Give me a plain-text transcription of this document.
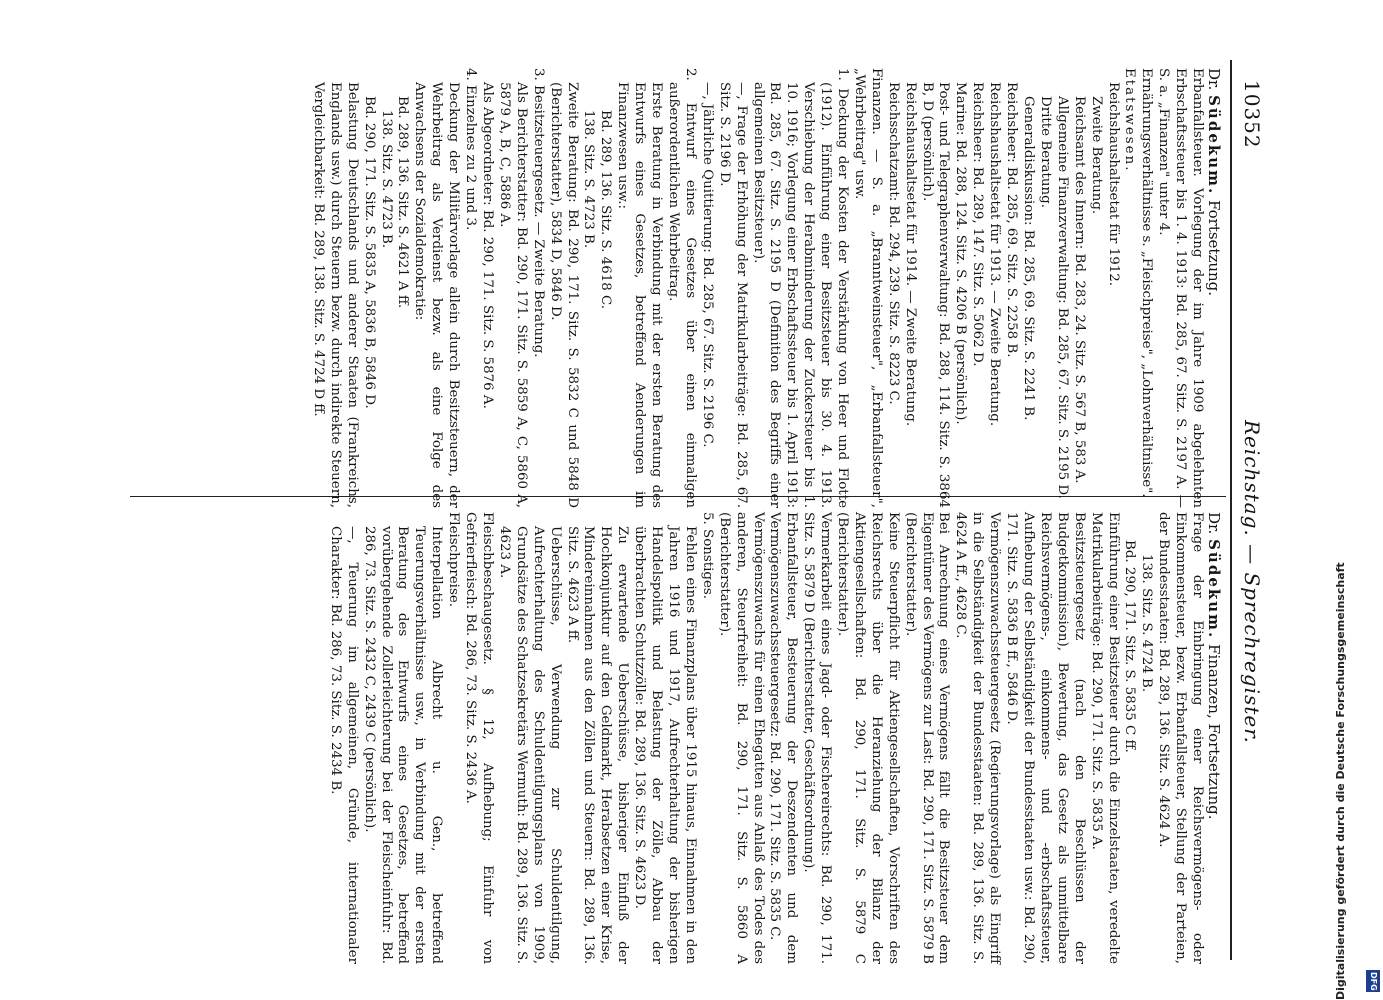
10352
Reichstag. — Sprechregister.

Dr. Südekum. Fortsetzung.

Erbanfallsteuer. Vorlegung der im Jahre 1909 abgelehnten Erbschaftssteuer bis 1. 4. 1913: Bd. 285, 67. Sitz. S. 2197 A. — S. a. „Finanzen" unter 4.

Ernährungsverhältnisse s. „Fleischpreise", „Lohnverhältnisse".

Etatswesen.

Reichshaushaltsetat für 1912.

Zweite Beratung.

Reichsamt des Innern: Bd. 283, 24. Sitz. S. 567 B, 583 A.

Allgemeine Finanzverwaltung: Bd. 285, 67. Sitz. S. 2195 D.

Dritte Beratung.

Generaldiskussion: Bd. 285, 69. Sitz. S. 2241 B.

Reichsheer: Bd. 285, 69. Sitz. S. 2258 B.

Reichshaushaltsetat für 1913. — Zweite Beratung.

Reichsheer: Bd. 289, 147. Sitz. S. 5062 D.

Marine: Bd. 288, 124. Sitz. S. 4206 B (persönlich).

Post- und Telegraphenverwaltung: Bd. 288, 114. Sitz. S. 3864 B, D (persönlich).

Reichshaushaltsetat für 1914. — Zweite Beratung.

Reichsschatzamt: Bd. 294, 239. Sitz. S. 8223 C.

Finanzen. — S. a. „Branntweinsteuer", „Erbanfallsteuer", „Wehrbeitrag" usw.

1. Deckung der Kosten der Verstärkung von Heer und Flotte (1912). Einführung einer Besitzsteuer bis 30. 4. 1913. Verschiebung der Herabminderung der Zuckersteuer bis 1. 10. 1916; Vorlegung einer Erbschaftssteuer bis 1. April 1913: Bd. 285, 67. Sitz. S. 2195 D (Definition des Begriffs einer allgemeinen Besitzsteuer).

—, Frage der Erhöhung der Matrikularbeiträge: Bd. 285, 67. Sitz. S. 2196 D.

—, Jährliche Quittierung: Bd. 285, 67. Sitz. S. 2196 C.

2. Entwurf eines Gesetzes über einen einmaligen außerordentlichen Wehrbeitrag.

Erste Beratung in Verbindung mit der ersten Beratung des Entwurfs eines Gesetzes, betreffend Aenderungen im Finanzwesen usw.:

Bd. 289, 136. Sitz. S. 4618 C.

138. Sitz. S. 4723 B.

Zweite Beratung: Bd. 290, 171. Sitz. S. 5832 C und 5848 D (Berichterstatter), 5834 D, 5846 D.

3. Besitzsteuergesetz. — Zweite Beratung.

Als Berichterstatter: Bd. 290, 171. Sitz. S. 5859 A, C, 5860 A, 5879 A, B, C, 5886 A.

Als Abgeordneter: Bd. 290, 171. Sitz. S. 5876 A.

4. Einzelnes zu 2 und 3.

Deckung der Militärvorlage allein durch Besitzsteuern, der Wehrbeitrag als Verdienst bezw. als eine Folge des Anwachsens der Sozialdemokratie:

Bd. 289, 136. Sitz. S. 4621 A ff.

138. Sitz. S. 4723 B.

Bd. 290, 171. Sitz. S. 5835 A, 5836 B, 5846 D.

Belastung Deutschlands und anderer Staaten (Frankreichs, Englands usw.) durch Steuern bezw. durch indirekte Steuern, Vergleichbarkeit: Bd. 289, 138. Sitz. S. 4724 D ff.

Dr. Südekum. Finanzen, Fortsetzung.

Frage der Einbringung einer Reichsvermögens- oder Einkommensteuer, bezw. Erbanfallsteuer, Stellung der Parteien, der Bundesstaaten: Bd. 289, 136. Sitz. S. 4624 A.

138. Sitz. S. 4724 B.

Bd. 290, 171. Sitz. S. 5835 C ff.

Einführung einer Besitzsteuer durch die Einzelstaaten, veredelte Matrikularbeiträge: Bd. 290, 171. Sitz. S. 5835 A.

Besitzsteuergesetz (nach den Beschlüssen der Budgetkommission), Bewertung, das Gesetz als unmittelbare Reichsvermögens-, einkommens- und -erbschaftssteuer, Aufhebung der Selbständigkeit der Bundesstaaten usw.: Bd. 290, 171. Sitz. S. 5836 B ff., 5846 D.

Vermögenszuwachssteuergesetz (Regierungsvorlage) als Eingriff in die Selbständigkeit der Bundesstaaten: Bd. 289, 136. Sitz. S. 4624 A ff., 4628 C.

Bei Anrechnung eines Vermögens fällt die Besitzsteuer dem Eigentümer des Vermögens zur Last: Bd. 290, 171. Sitz. S. 5879 B (Berichterstatter).

Keine Steuerpflicht für Aktiengesellschaften, Vorschriften des Reichsrechts über die Heranziehung der Bilanz der Aktiengesellschaften: Bd. 290, 171. Sitz. S. 5879 C (Berichterstatter).

Vermerkarbeit eines Jagd- oder Fischereirechts: Bd. 290, 171. Sitz. S. 5879 D (Berichterstatter, Geschäftsordnung).

Erbanfallsteuer, Besteuerung der Deszendenten und dem Vermögenszuwachssteuergesetz: Bd. 290, 171. Sitz. S. 5835 C.

Vermögenszuwachs für einen Ehegatten aus Anlaß des Todes des anderen, Steuerfreiheit: Bd. 290, 171. Sitz. S. 5860 A (Berichterstatter).

5. Sonstiges.

Fehlen eines Finanzplans über 1915 hinaus, Einnahmen in den Jahren 1916 und 1917, Aufrechterhaltung der bisherigen Handelspolitik und Belastung der Zölle, Abbau der überbrachten Schutzzölle: Bd. 289, 136. Sitz. S. 4623 D.

Zu erwartende Ueberschüsse, bisheriger Einfluß der Hochkonjunktur auf den Geldmarkt, Herabsetzen einer Krise, Mindereinnahmen aus den Zöllen und Steuern: Bd. 289, 136. Sitz. S. 4623 A ff.

Ueberschüsse, Verwendung zur Schuldentilgung, Aufrechterhaltung des Schuldentilgungsplans von 1909, Grundsätze des Schatzsekretärs Wermuth: Bd. 289, 136. Sitz. S. 4623 A.

Fleischbeschaugesetz. § 12, Aufhebung; Einfuhr von Gefrierfleisch: Bd. 286, 73. Sitz. S. 2436 A.

Fleischpreise.

Interpellation Albrecht u. Gen., betreffend Teuerungsverhältnisse usw., in Verbindung mit der ersten Beratung des Entwurfs eines Gesetzes, betreffend vorübergehende Zollerleichterung bei der Fleischeinfuhr: Bd. 286, 73. Sitz. S. 2432 C, 2439 C (persönlich).

—, Teuerung im allgemeinen, Gründe, internationaler Charakter: Bd. 286, 73. Sitz. S. 2434 B.	Digitalisierung gefördert durch die Deutsche Forschungsgemeinschaft	DFG
